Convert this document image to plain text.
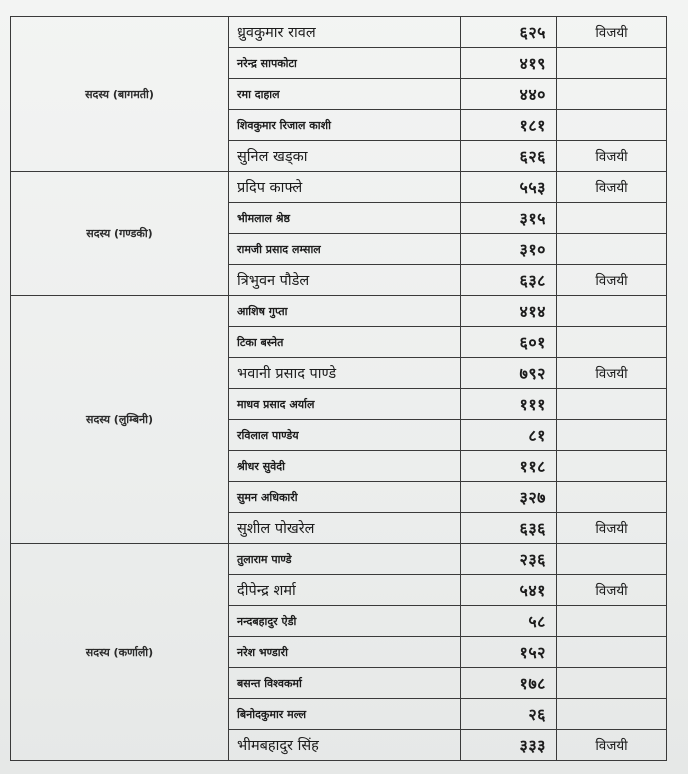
सदस्य (बागमती)	ध्रुवकुमार रावल	६२५	विजयी
	नरेन्द्र सापकोटा	४१९	
	रमा दाहाल	४४०	
	शिवकुमार रिजाल काशी	१८१	
	सुनिल खड्का	६२६	विजयी
सदस्य (गण्डकी)	प्रदिप काफ्ले	५५३	विजयी
	भीमलाल श्रेष्ठ	३१५	
	रामजी प्रसाद लम्साल	३१०	
	त्रिभुवन पौडेल	६३८	विजयी
सदस्य (लुम्बिनी)	आशिष गुप्ता	४१४	
	टिका बस्नेत	६०१	
	भवानी प्रसाद पाण्डे	७९२	विजयी
	माधव प्रसाद अर्याल	१११	
	रविलाल पाण्डेय	८१	
	श्रीधर सुवेदी	११८	
	सुमन अधिकारी	३२७	
	सुशील पोखरेल	६३६	विजयी
सदस्य (कर्णाली)	तुलाराम पाण्डे	२३६	
	दीपेन्द्र शर्मा	५४१	विजयी
	नन्दबहादुर ऐडी	५८	
	नरेश भण्डारी	१५२	
	बसन्त विश्वकर्मा	१७८	
	बिनोदकुमार मल्ल	२६	
	भीमबहादुर सिंह	३३३	विजयी
